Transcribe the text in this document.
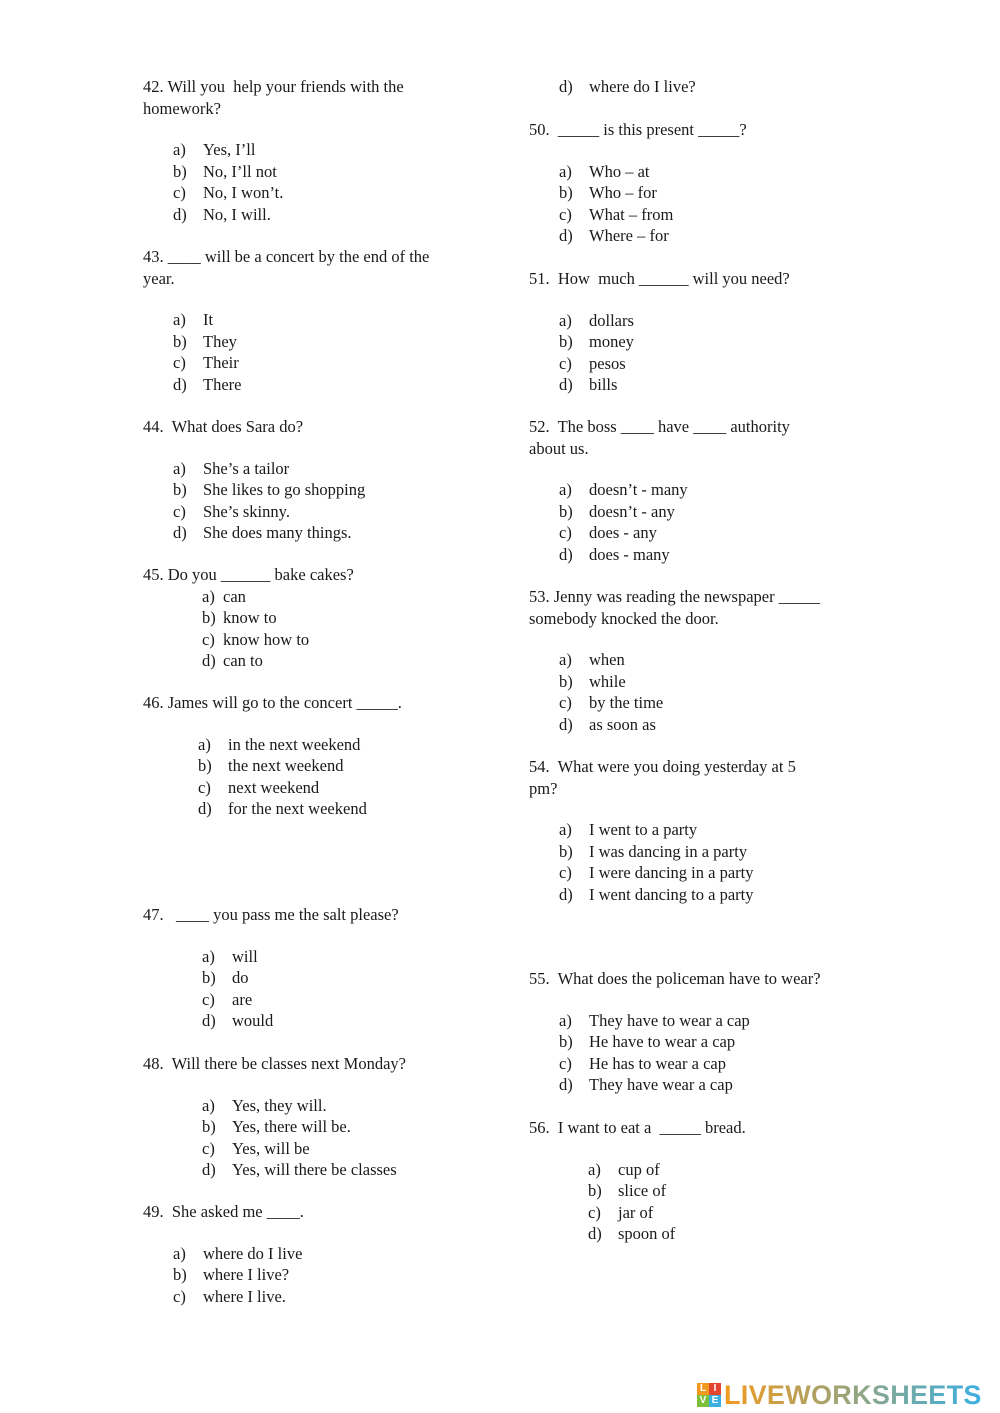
42. Will you  help your friends with the
homework?

a) Yes, I’ll
b) No, I’ll not
c) No, I won’t.
d) No, I will.

43. ____ will be a concert by the end of the
year.

a) It
b) They
c) Their
d) There

44.  What does Sara do?

a) She’s a tailor
b) She likes to go shopping
c) She’s skinny.
d) She does many things.

45. Do you ______ bake cakes?

a) can
b) know to
c) know how to
d) can to

46. James will go to the concert _____.

a) in the next weekend
b) the next weekend
c) next weekend
d) for the next weekend

47.   ____ you pass me the salt please?

a) will
b) do
c) are
d) would

48.  Will there be classes next Monday?

a) Yes, they will.
b) Yes, there will be.
c) Yes, will be
d) Yes, will there be classes

49.  She asked me ____.

a) where do I live
b) where I live?
c) where I live.
d) where do I live?

50.  _____ is this present _____?

a) Who – at
b) Who – for
c) What – from
d) Where – for

51.  How  much ______ will you need?

a) dollars
b) money
c) pesos
d) bills

52.  The boss ____ have ____ authority
about us.

a) doesn’t - many
b) doesn’t - any
c) does - any
d) does - many

53. Jenny was reading the newspaper _____
somebody knocked the door.

a) when
b) while
c) by the time
d) as soon as

54.  What were you doing yesterday at 5
pm?

a) I went to a party
b) I was dancing in a party
c) I were dancing in a party
d) I went dancing to a party

55.  What does the policeman have to wear?

a) They have to wear a cap
b) He have to wear a cap
c) He has to wear a cap
d) They have wear a cap

56.  I want to eat a  _____ bread.

a) cup of
b) slice of
c) jar of
d) spoon of
L I
V E LIVEWORKSHEETS
